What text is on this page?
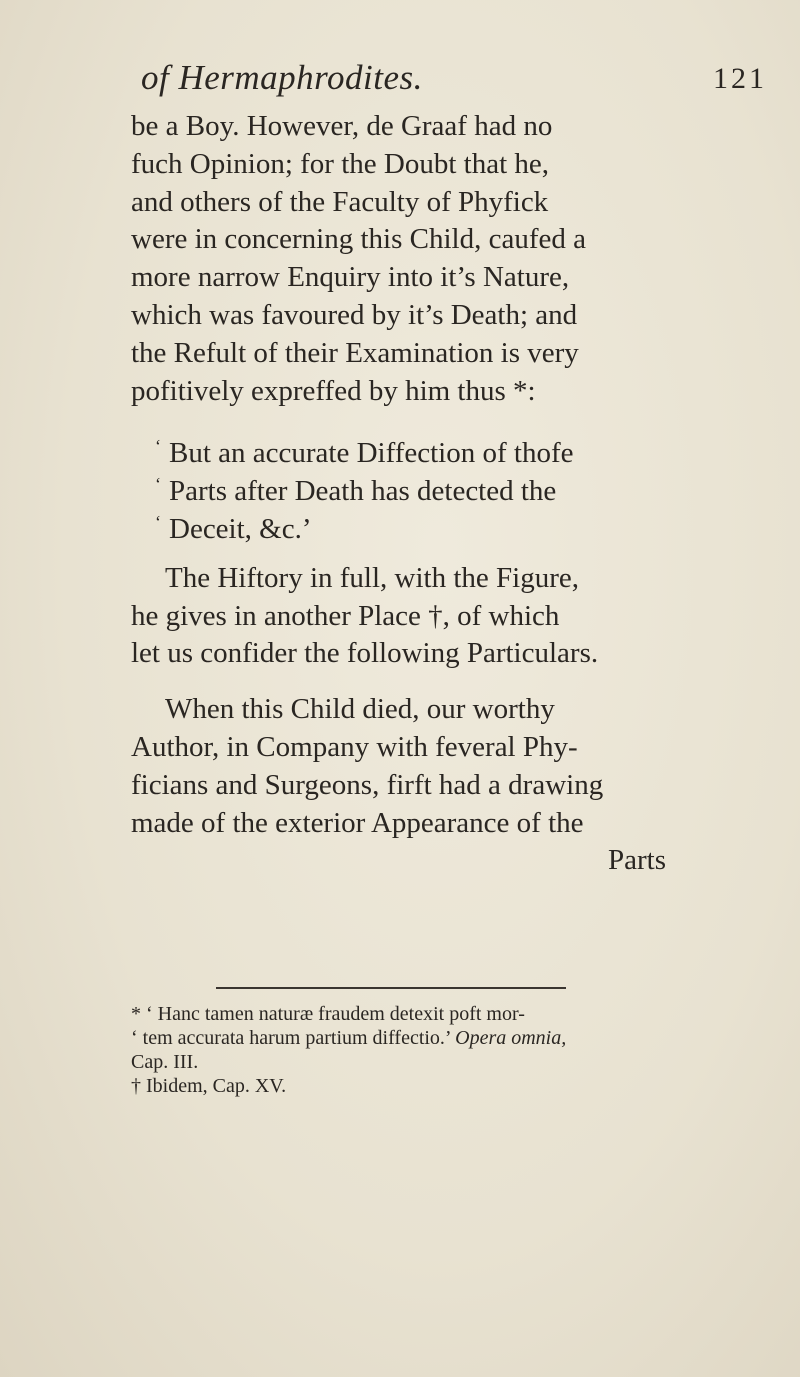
of Hermaphrodites.	121
be a Boy. However, de Graaf had no
fuch Opinion; for the Doubt that he,
and others of the Faculty of Phyfick
were in concerning this Child, caufed a
more narrow Enquiry into it’s Nature,
which was favoured by it’s Death; and
the Refult of their Examination is very
pofitively expreffed by him thus *:
‘ But an accurate Diffection of thofe
‘ Parts after Death has detected the
‘ Deceit, &c.’
The Hiftory in full, with the Figure,
he gives in another Place †, of which
let us confider the following Particulars.
When this Child died, our worthy
Author, in Company with feveral Phy-
ficians and Surgeons, firft had a drawing
made of the exterior Appearance of the
Parts
* ‘ Hanc tamen naturæ fraudem detexit poft mor-
‘ tem accurata harum partium diffectio.’ Opera omnia,
Cap. III.
† Ibidem, Cap. XV.
